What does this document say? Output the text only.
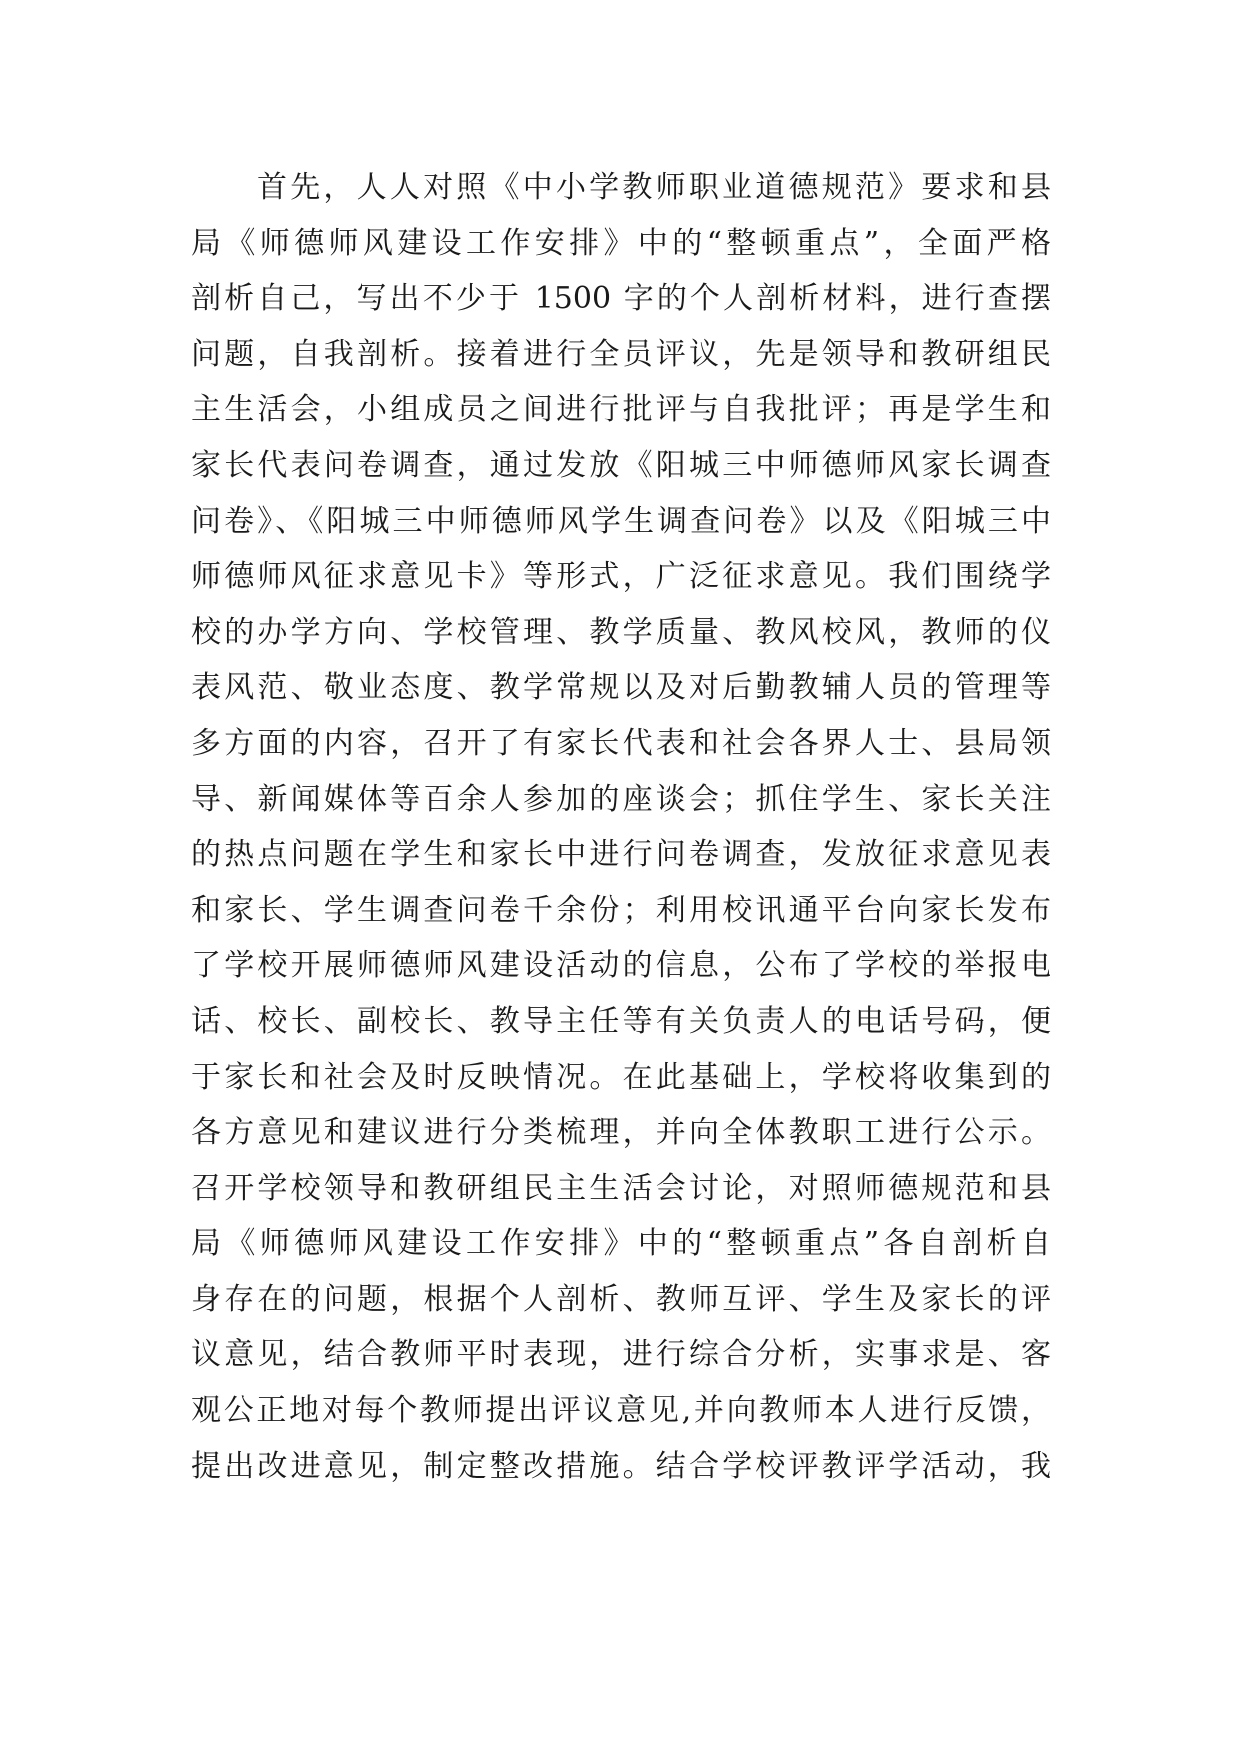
首先，人人对照《中小学教师职业道德规范》要求和县
局《师德师风建设工作安排》中的“整顿重点”，全面严格
剖析自己，写出不少于 1500 字的个人剖析材料，进行查摆
问题，自我剖析。接着进行全员评议，先是领导和教研组民
主生活会，小组成员之间进行批评与自我批评；再是学生和
家长代表问卷调查，通过发放《阳城三中师德师风家长调查
问卷》、《阳城三中师德师风学生调查问卷》以及《阳城三中
师德师风征求意见卡》等形式，广泛征求意见。我们围绕学
校的办学方向、学校管理、教学质量、教风校风，教师的仪
表风范、敬业态度、教学常规以及对后勤教辅人员的管理等
多方面的内容，召开了有家长代表和社会各界人士、县局领
导、新闻媒体等百余人参加的座谈会；抓住学生、家长关注
的热点问题在学生和家长中进行问卷调查，发放征求意见表
和家长、学生调查问卷千余份；利用校讯通平台向家长发布
了学校开展师德师风建设活动的信息，公布了学校的举报电
话、校长、副校长、教导主任等有关负责人的电话号码，便
于家长和社会及时反映情况。在此基础上，学校将收集到的
各方意见和建议进行分类梳理，并向全体教职工进行公示。
召开学校领导和教研组民主生活会讨论，对照师德规范和县
局《师德师风建设工作安排》中的“整顿重点”各自剖析自
身存在的问题，根据个人剖析、教师互评、学生及家长的评
议意见，结合教师平时表现，进行综合分析，实事求是、客
观公正地对每个教师提出评议意见,并向教师本人进行反馈，
提出改进意见，制定整改措施。结合学校评教评学活动，我
